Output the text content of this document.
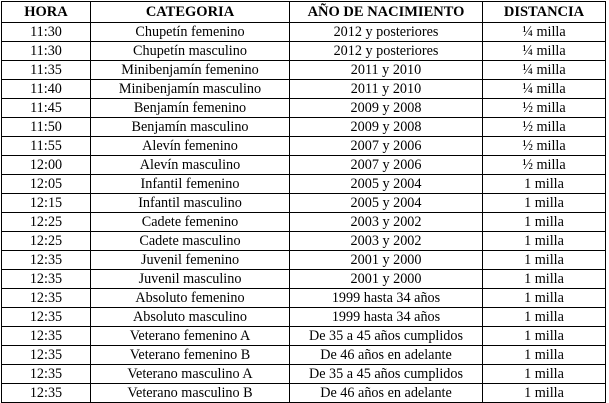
HORA	CATEGORIA	AÑO DE NACIMIENTO	DISTANCIA
11:30	Chupetín femenino	2012 y posteriores	¼ milla
11:30	Chupetín masculino	2012 y posteriores	¼ milla
11:35	Minibenjamín femenino	2011 y 2010	¼ milla
11:40	Minibenjamín masculino	2011 y 2010	¼ milla
11:45	Benjamín femenino	2009 y 2008	½ milla
11:50	Benjamín masculino	2009 y 2008	½ milla
11:55	Alevín femenino	2007 y 2006	½ milla
12:00	Alevín masculino	2007 y 2006	½ milla
12:05	Infantil femenino	2005 y 2004	1 milla
12:15	Infantil masculino	2005 y 2004	1 milla
12:25	Cadete femenino	2003 y 2002	1 milla
12:25	Cadete masculino	2003 y 2002	1 milla
12:35	Juvenil femenino	2001 y 2000	1 milla
12:35	Juvenil masculino	2001 y 2000	1 milla
12:35	Absoluto femenino	1999 hasta 34 años	1 milla
12:35	Absoluto masculino	1999 hasta 34 años	1 milla
12:35	Veterano femenino A	De 35 a 45 años cumplidos	1 milla
12:35	Veterano femenino B	De 46 años en adelante	1 milla
12:35	Veterano masculino A	De 35 a 45 años cumplidos	1 milla
12:35	Veterano masculino B	De 46 años en adelante	1 milla
